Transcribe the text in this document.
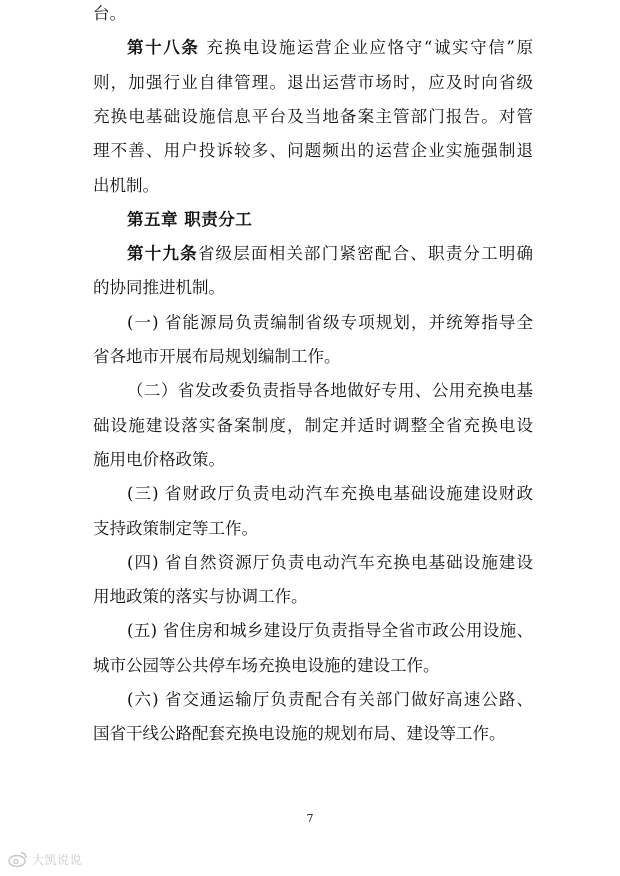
台。
第十八条 充换电设施运营企业应恪守“诚实守信”原
则，加强行业自律管理。退出运营市场时，应及时向省级
充换电基础设施信息平台及当地备案主管部门报告。对管
理不善、用户投诉较多、问题频出的运营企业实施强制退
出机制。
第五章 职责分工
第十九条省级层面相关部门紧密配合、职责分工明确
的协同推进机制。
(一) 省能源局负责编制省级专项规划，并统筹指导全
省各地市开展布局规划编制工作。
（二）省发改委负责指导各地做好专用、公用充换电基
础设施建设落实备案制度，制定并适时调整全省充换电设
施用电价格政策。
(三) 省财政厅负责电动汽车充换电基础设施建设财政
支持政策制定等工作。
(四) 省自然资源厅负责电动汽车充换电基础设施建设
用地政策的落实与协调工作。
(五) 省住房和城乡建设厅负责指导全省市政公用设施、
城市公园等公共停车场充换电设施的建设工作。
(六) 省交通运输厅负责配合有关部门做好高速公路、
国省干线公路配套充换电设施的规划布局、建设等工作。
7
大凯说说
